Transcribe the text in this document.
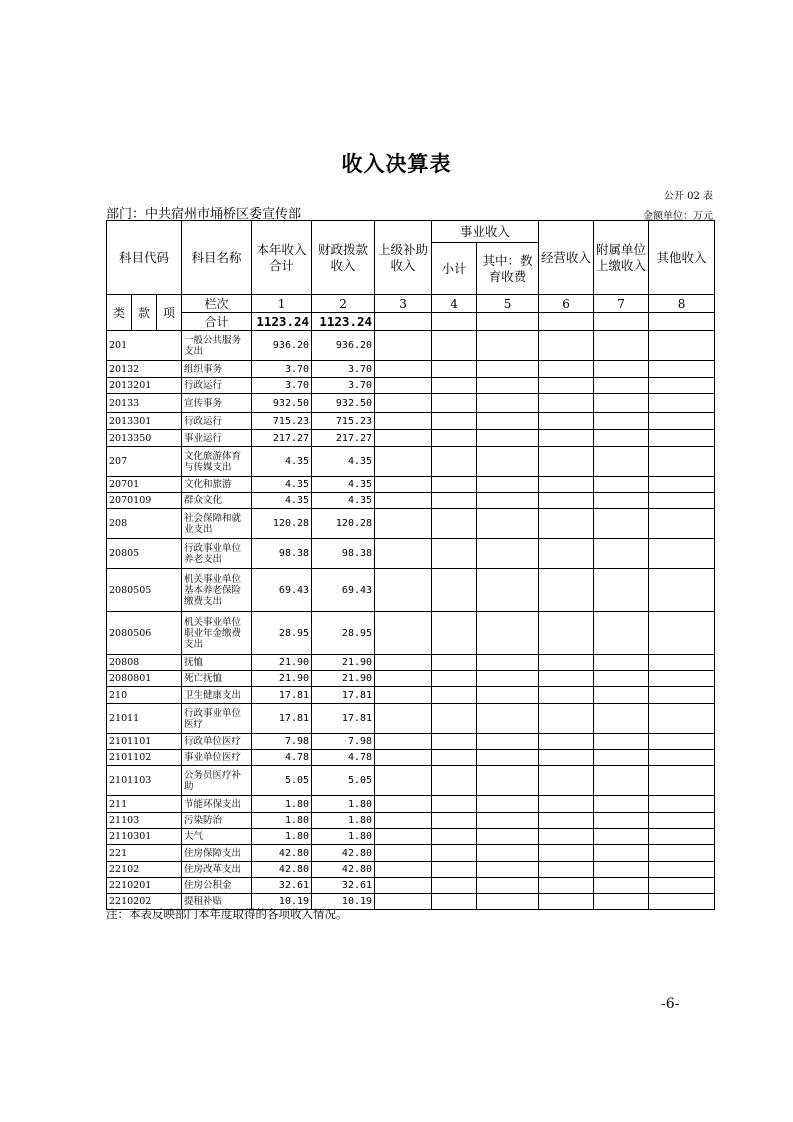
收入决算表
公开 02 表
部门：中共宿州市埇桥区委宣传部	金额单位：万元
科目代码			科目名称	本年收入合计	财政拨款收入	上级补助收入	事业收入		经营收入	附属单位上缴收入	其他收入
							小计	其中：教育收费			

类	款	项	栏次	1	2	3	4	5	6	7	8
			合计	1123.24	1123.24						
201			一般公共服务支出	936.20	936.20						
20132			组织事务	3.70	3.70						
2013201			行政运行	3.70	3.70						
20133			宣传事务	932.50	932.50						
2013301			行政运行	715.23	715.23						
2013350			事业运行	217.27	217.27						
207			文化旅游体育与传媒支出	4.35	4.35						
20701			文化和旅游	4.35	4.35						
2070109			群众文化	4.35	4.35						
208			社会保障和就业支出	120.28	120.28						
20805			行政事业单位养老支出	98.38	98.38						
2080505			机关事业单位基本养老保险缴费支出	69.43	69.43						
2080506			机关事业单位职业年金缴费支出	28.95	28.95						
20808			抚恤	21.90	21.90						
2080801			死亡抚恤	21.90	21.90						
210			卫生健康支出	17.81	17.81						
21011			行政事业单位医疗	17.81	17.81						
2101101			行政单位医疗	7.98	7.98						
2101102			事业单位医疗	4.78	4.78						
2101103			公务员医疗补助	5.05	5.05						
211			节能环保支出	1.80	1.80						
21103			污染防治	1.80	1.80						
2110301			大气	1.80	1.80						
221			住房保障支出	42.80	42.80						
22102			住房改革支出	42.80	42.80						
2210201			住房公积金	32.61	32.61						
2210202			提租补贴	10.19	10.19						
注：本表反映部门本年度取得的各项收入情况。
-6-
